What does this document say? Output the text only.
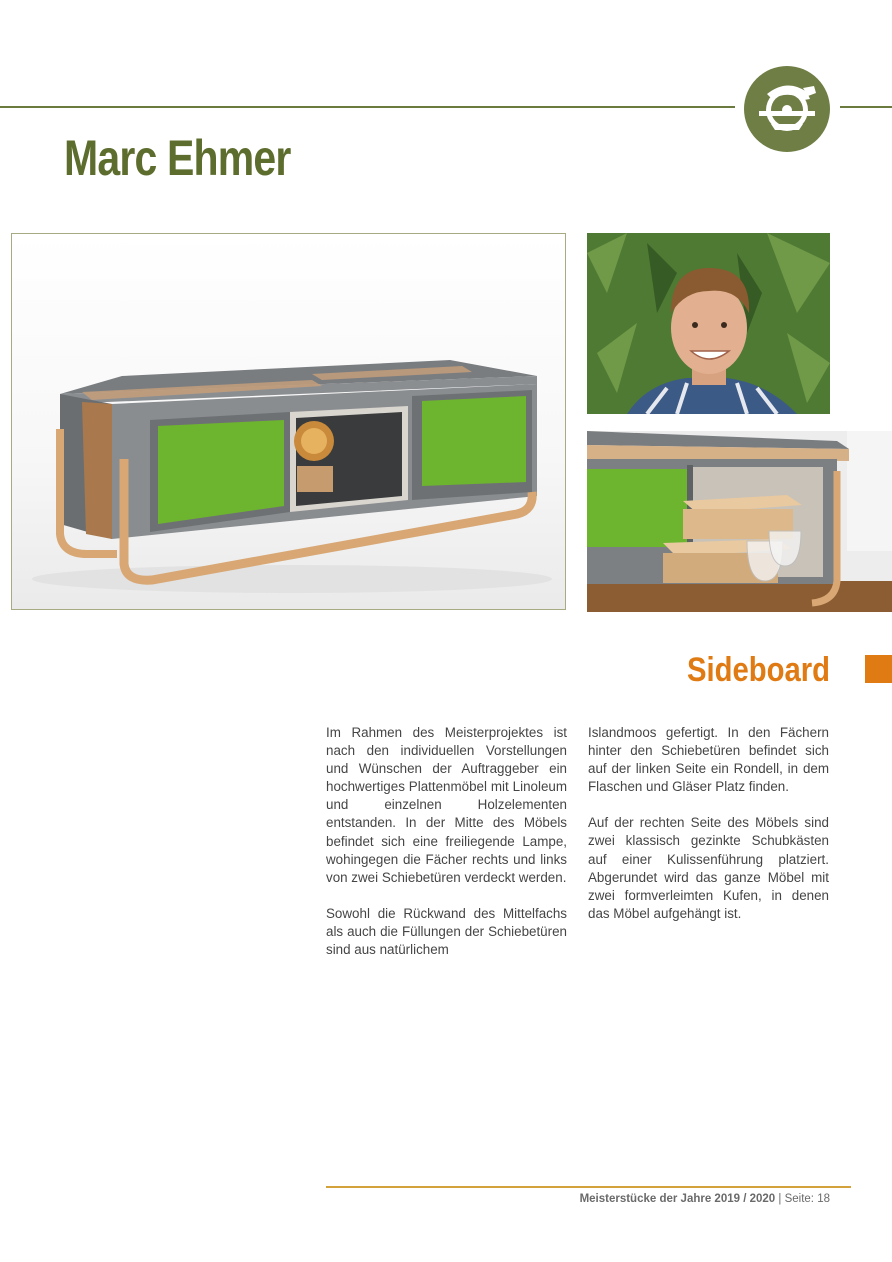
Marc Ehmer
Sideboard

Im Rahmen des Meisterprojektes ist nach den individuellen Vorstellungen und Wünschen der Auftraggeber ein hochwertiges Plattenmöbel mit Linoleum und einzelnen Holzelementen entstanden. In der Mitte des Möbels befindet sich eine freiliegende Lampe, wohingegen die Fächer rechts und links von zwei Schiebetüren verdeckt werden.

Sowohl die Rückwand des Mittelfachs als auch die Füllungen der Schiebetüren sind aus natürlichem

Islandmoos gefertigt. In den Fächern hinter den Schiebetüren befindet sich auf der linken Seite ein Rondell, in dem Flaschen und Gläser Platz finden.

Auf der rechten Seite des Möbels sind zwei klassisch gezinkte Schubkästen auf einer Kulissenführung platziert. Abgerundet wird das ganze Möbel mit zwei formverleimten Kufen, in denen das Möbel aufgehängt ist.

Meisterstücke der Jahre 2019 / 2020 | Seite: 18
